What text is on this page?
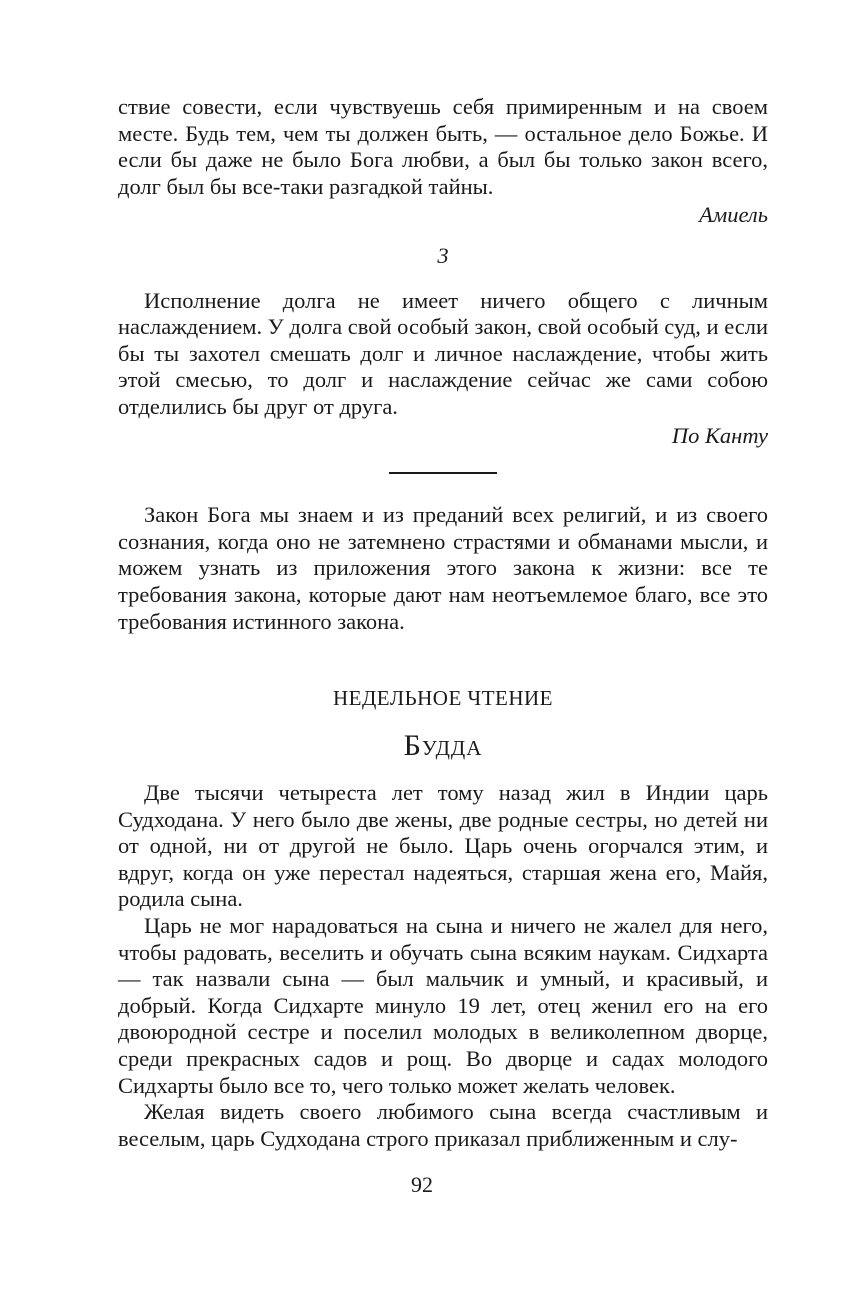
ствие совести, если чувствуешь себя примиренным и на своем месте. Будь тем, чем ты должен быть, — остальное дело Божье. И если бы даже не было Бога любви, а был бы только закон всего, долг был бы все-таки разгадкой тайны.

Амиель

3

Исполнение долга не имеет ничего общего с личным наслаждением. У долга свой особый закон, свой особый суд, и если бы ты захотел смешать долг и личное наслаждение, чтобы жить этой смесью, то долг и наслаждение сейчас же сами собою отделились бы друг от друга.

По Канту

Закон Бога мы знаем и из преданий всех религий, и из своего сознания, когда оно не затемнено страстями и обманами мысли, и можем узнать из приложения этого закона к жизни: все те требования закона, которые дают нам неотъемлемое благо, все это требования истинного закона.

НЕДЕЛЬНОЕ ЧТЕНИЕ
Будда

Две тысячи четыреста лет тому назад жил в Индии царь Судходана. У него было две жены, две родные сестры, но детей ни от одной, ни от другой не было. Царь очень огорчался этим, и вдруг, когда он уже перестал надеяться, старшая жена его, Майя, родила сына.

Царь не мог нарадоваться на сына и ничего не жалел для него, чтобы радовать, веселить и обучать сына всяким наукам. Сидхарта — так назвали сына — был мальчик и умный, и красивый, и добрый. Когда Сидхарте минуло 19 лет, отец женил его на его двоюродной сестре и поселил молодых в великолепном дворце, среди прекрасных садов и рощ. Во дворце и садах молодого Сидхарты было все то, чего только может желать человек.

Желая видеть своего любимого сына всегда счастливым и веселым, царь Судходана строго приказал приближенным и слу-

92
